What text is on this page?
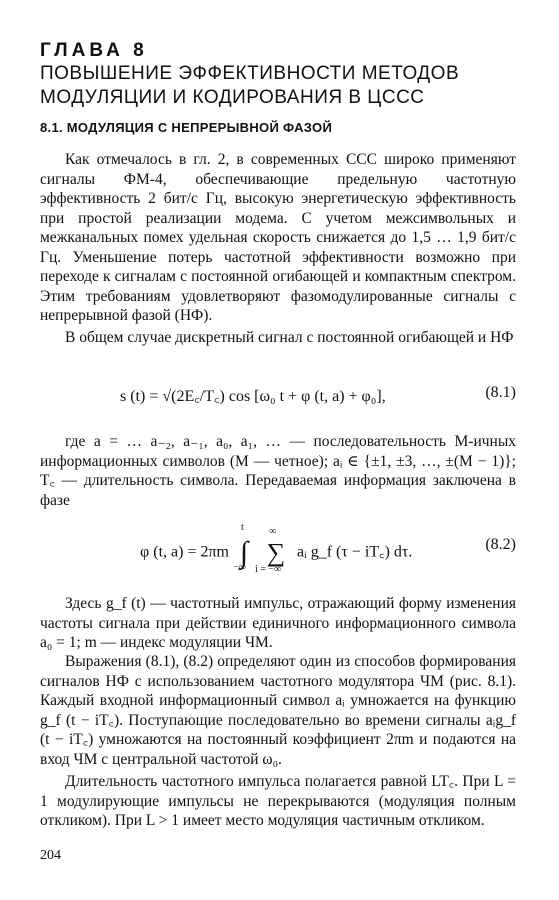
ГЛАВА 8
ПОВЫШЕНИЕ ЭФФЕКТИВНОСТИ МЕТОДОВ МОДУЛЯЦИИ И КОДИРОВАНИЯ В ЦССС
8.1. МОДУЛЯЦИЯ С НЕПРЕРЫВНОЙ ФАЗОЙ

Как отмечалось в гл. 2, в современных ССС широко применяют сигналы ФМ-4, обеспечивающие предельную частотную эффективность 2 бит/с Гц, высокую энергетическую эффективность при простой реализации модема. С учетом межсимвольных и межканальных помех удельная скорость снижается до 1,5 … 1,9 бит/с Гц. Уменьшение потерь частотной эффективности возможно при переходе к сигналам с постоянной огибающей и компактным спектром. Этим требованиям удовлетворяют фазомодулированные сигналы с непрерывной фазой (НФ).

В общем случае дискретный сигнал с постоянной огибающей и НФ

s (t) = √(2E꜀/T꜀) cos [ω₀ t + φ (t, a) + φ₀],	(8.1)

где a = … a₋₂, a₋₁, a₀, a₁, … — последовательность M-ичных информационных символов (M — четное); aᵢ ∈ {±1, ±3, …, ±(M − 1)}; T꜀ — длительность символа. Передаваемая информация заключена в фазе

φ (t, a) = 2πm ∫
t
−∞
∑
∞
i = −∞
aᵢ g_f (τ − iT꜀) dτ.	(8.2)

Здесь g_f (t) — частотный импульс, отражающий форму изменения частоты сигнала при действии единичного информационного символа a₀ = 1; m — индекс модуляции ЧМ.

Выражения (8.1), (8.2) определяют один из способов формирования сигналов НФ с использованием частотного модулятора ЧМ (рис. 8.1). Каждый входной информационный символ aᵢ умножается на функцию g_f (t − iT꜀). Поступающие последовательно во времени сигналы aᵢg_f (t − iT꜀) умножаются на постоянный коэффициент 2πm и подаются на вход ЧМ с центральной частотой ω₀.

Длительность частотного импульса полагается равной LT꜀. При L = 1 модулирующие импульсы не перекрываются (модуляция полным откликом). При L > 1 имеет место модуляция частичным откликом.

204
